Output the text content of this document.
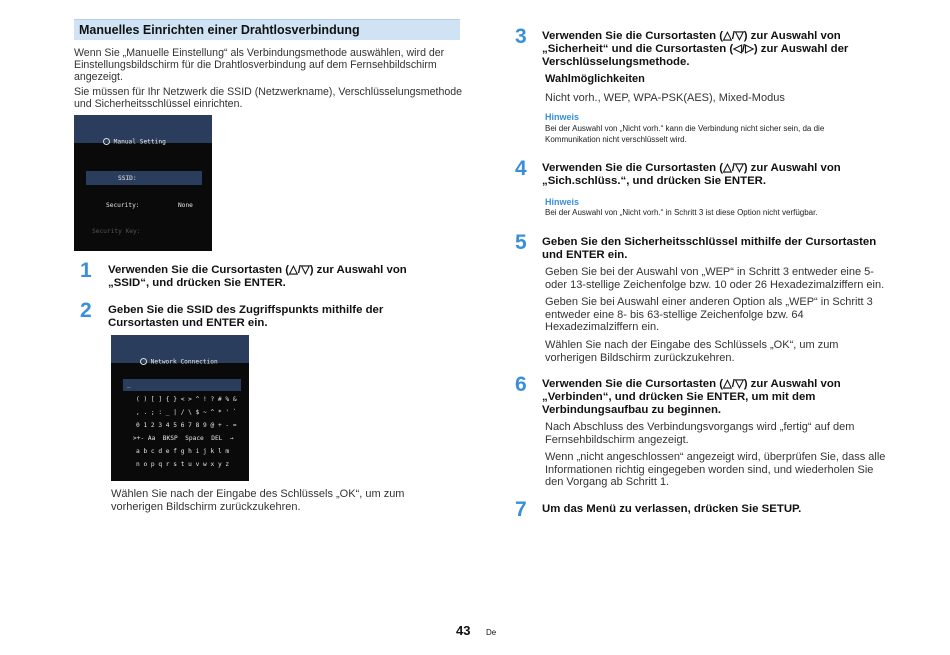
Manuelles Einrichten einer Drahtlosverbindung
Wenn Sie „Manuelle Einstellung“ als Verbindungsmethode auswählen, wird der
Einstellungsbildschirm für die Drahtlosverbindung auf dem Fernsehbildschirm
angezeigt.
Sie müssen für Ihr Netzwerk die SSID (Netzwerkname), Verschlüsselungsmethode
und Sicherheitsschlüssel einrichten.

Manual Setting

SSID:
Security:	None
Security Key:
1 Verwenden Sie die Cursortasten (△/▽) zur Auswahl von
„SSID“, und drücken Sie ENTER.
2 Geben Sie die SSID des Zugriffspunkts mithilfe der
Cursortasten und ENTER ein.

Network Connection

_
( ) [ ] { } < > ^ ! ? # % &
, . ; : _ | / \ $ ~ ^ * ' `
0 1 2 3 4 5 6 7 8 9 @ + - =
>+- Aa  BKSP  Space  DEL  →
a b c d e f g h i j k l m
n o p q r s t u v w x y z
Wählen Sie nach der Eingabe des Schlüssels „OK“, um zum
vorherigen Bildschirm zurückzukehren.
3 Verwenden Sie die Cursortasten (△/▽) zur Auswahl von
„Sicherheit“ und die Cursortasten (◁/▷) zur Auswahl der
Verschlüsselungsmethode.
Wahlmöglichkeiten
Nicht vorh., WEP, WPA-PSK(AES), Mixed-Modus
Hinweis
Bei der Auswahl von „Nicht vorh.“ kann die Verbindung nicht sicher sein, da die
Kommunikation nicht verschlüsselt wird.
4 Verwenden Sie die Cursortasten (△/▽) zur Auswahl von
„Sich.schlüss.“, und drücken Sie ENTER.
Hinweis
Bei der Auswahl von „Nicht vorh.“ in Schritt 3 ist diese Option nicht verfügbar.
5 Geben Sie den Sicherheitsschlüssel mithilfe der Cursortasten
und ENTER ein.
Geben Sie bei der Auswahl von „WEP“ in Schritt 3 entweder eine 5-
oder 13-stellige Zeichenfolge bzw. 10 oder 26 Hexadezimalziffern ein.
Geben Sie bei Auswahl einer anderen Option als „WEP“ in Schritt 3
entweder eine 8- bis 63-stellige Zeichenfolge bzw. 64
Hexadezimalziffern ein.
Wählen Sie nach der Eingabe des Schlüssels „OK“, um zum
vorherigen Bildschirm zurückzukehren.
6 Verwenden Sie die Cursortasten (△/▽) zur Auswahl von
„Verbinden“, und drücken Sie ENTER, um mit dem
Verbindungsaufbau zu beginnen.
Nach Abschluss des Verbindungsvorgangs wird „fertig“ auf dem
Fernsehbildschirm angezeigt.
Wenn „nicht angeschlossen“ angezeigt wird, überprüfen Sie, dass alle
Informationen richtig eingegeben worden sind, und wiederholen Sie
den Vorgang ab Schritt 1.
7 Um das Menü zu verlassen, drücken Sie SETUP.
43 De
